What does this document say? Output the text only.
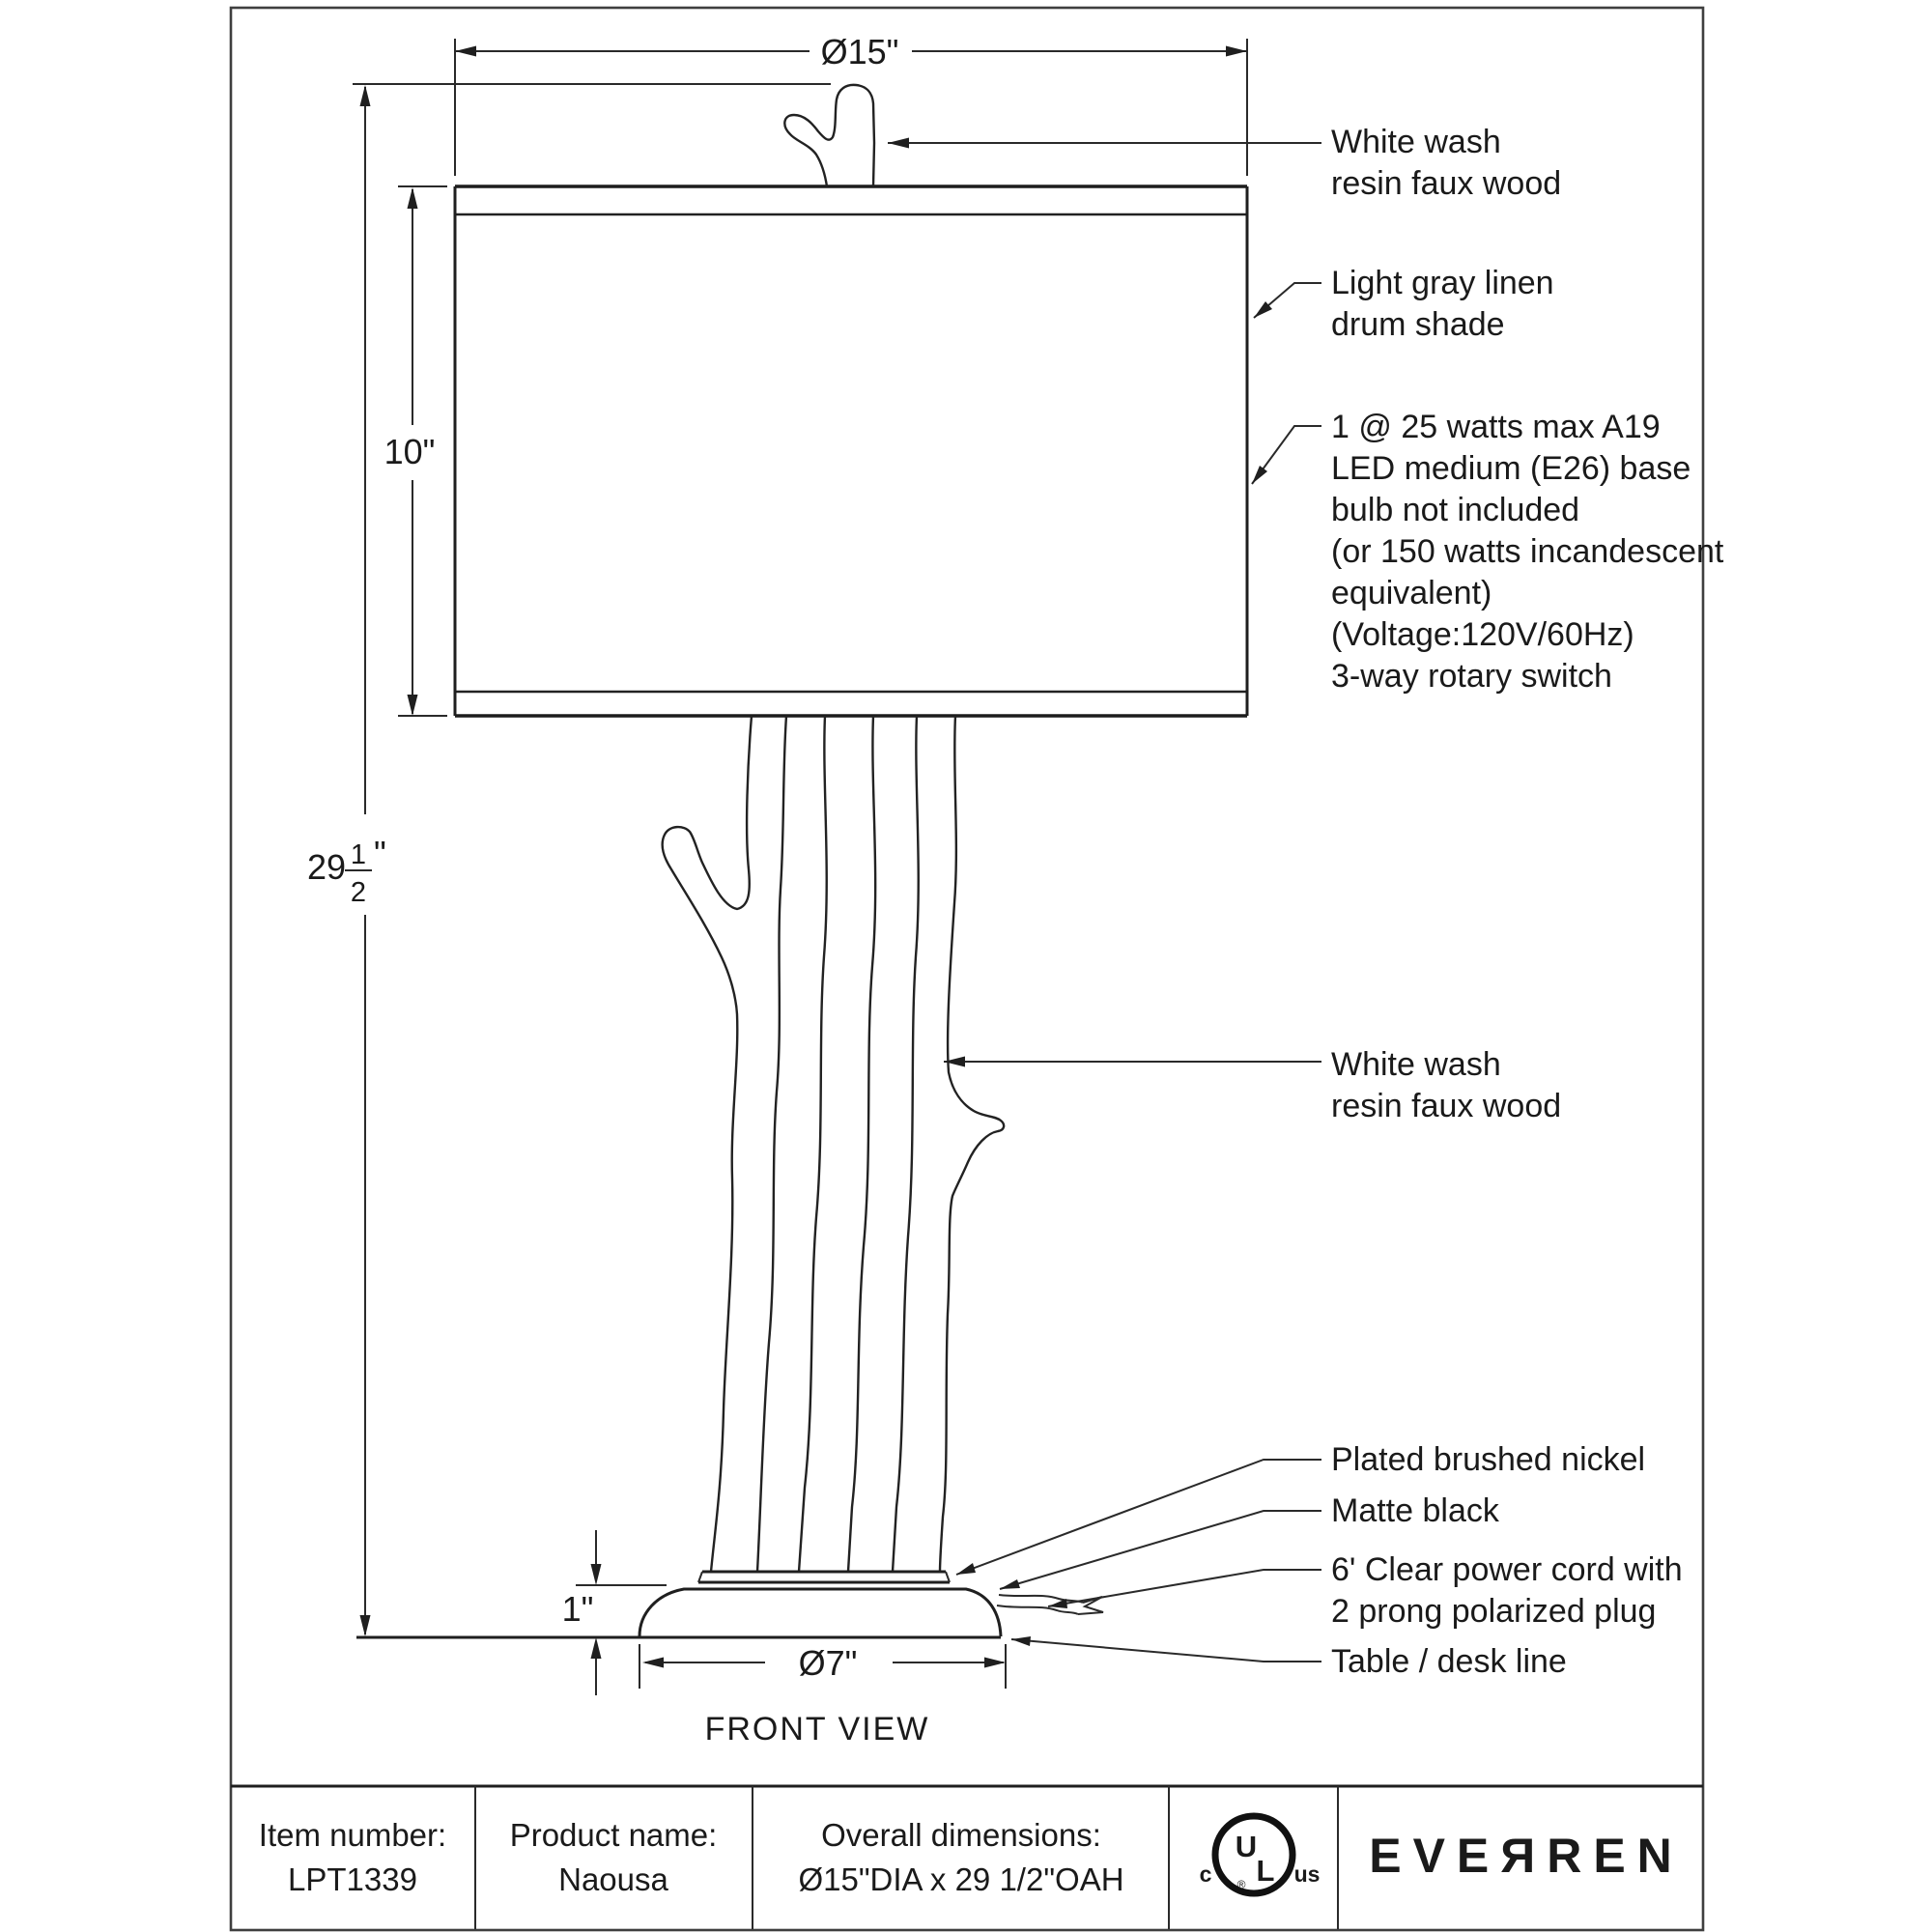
Ø15"
10"
29 1
2
"
1"
Ø7"
White wash
resin faux wood
Light gray linen
drum shade
1 @ 25 watts max A19
LED medium (E26) base
bulb not included
(or 150 watts incandescent
equivalent)
(Voltage:120V/60Hz)
3-way rotary switch
White wash
resin faux wood
Plated brushed nickel
Matte black
6' Clear power cord with
2 prong polarized plug
Table / desk line
FRONT VIEW
Item number:
LPT1339
Product name:
Naousa
Overall dimensions:
Ø15"DIA x 29 1/2"OAH
U
L
®
c	us EVEЯREN
